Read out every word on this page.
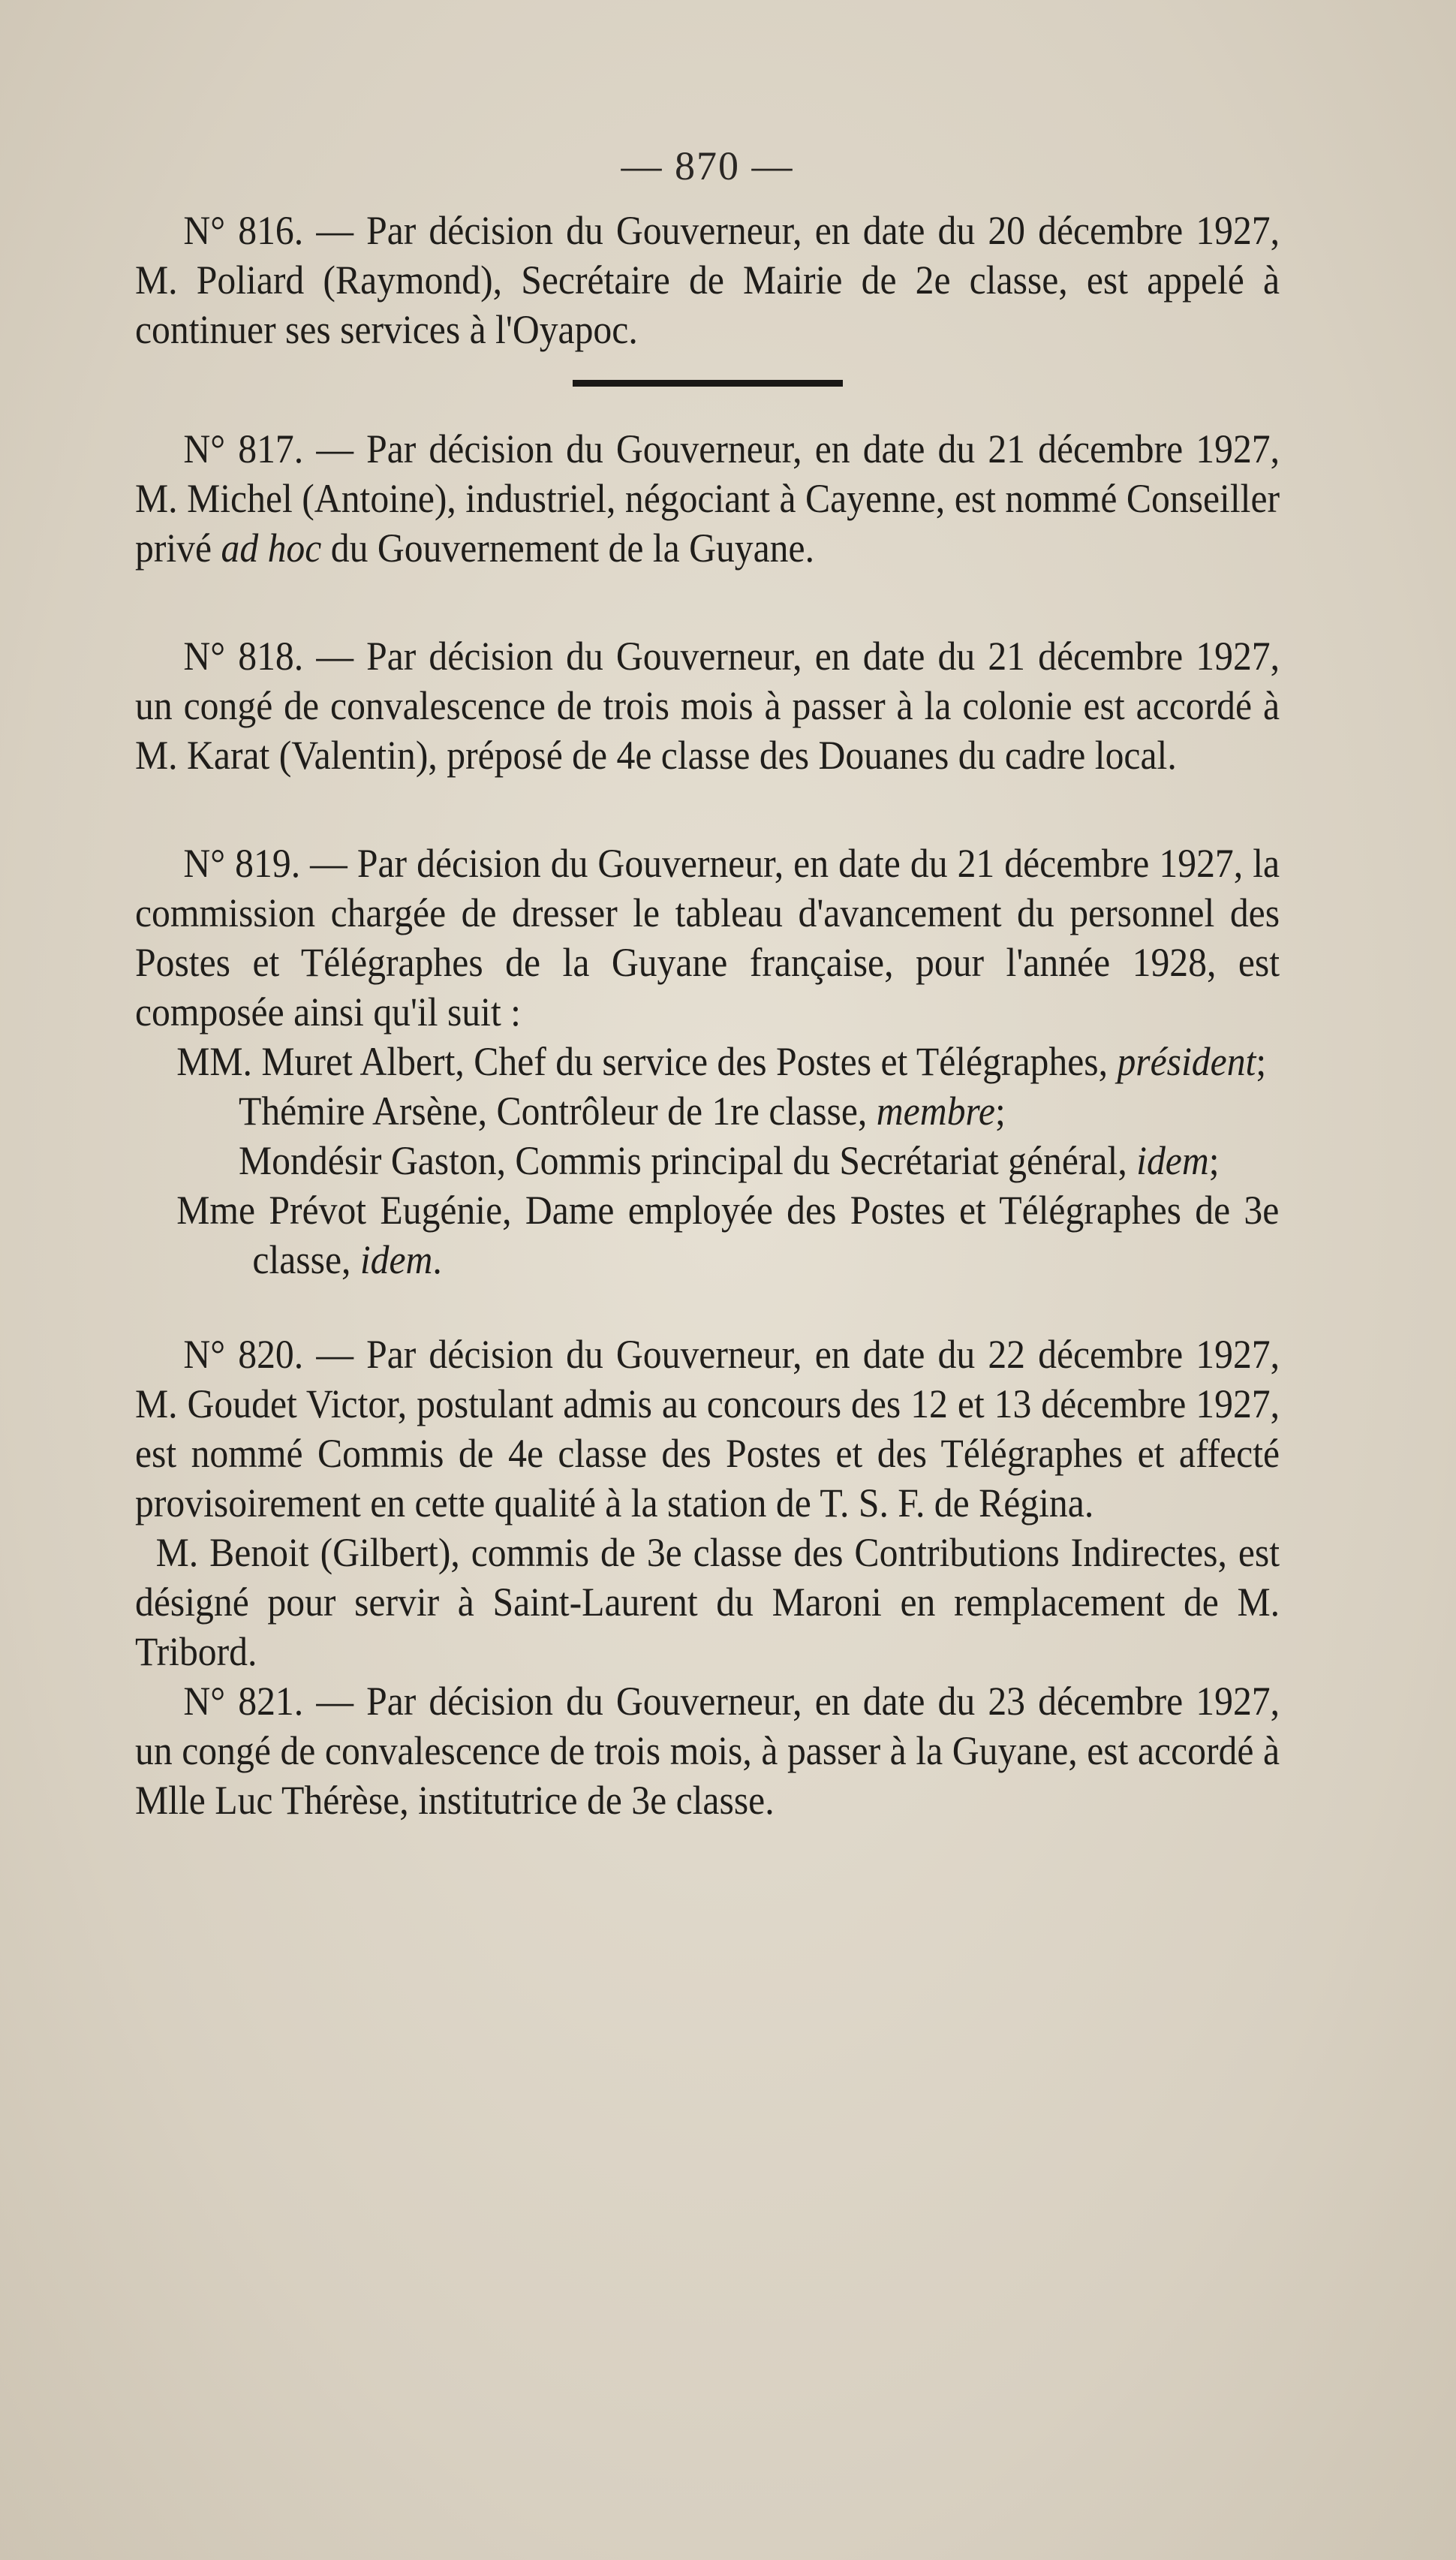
— 870 —

N° 816. — Par décision du Gouverneur, en date du 20 décembre 1927, M. Poliard (Raymond), Secrétaire de Mairie de 2e classe, est appelé à continuer ses services à l'Oyapoc.

N° 817. — Par décision du Gouverneur, en date du 21 décembre 1927, M. Michel (Antoine), industriel, négociant à Cayenne, est nommé Conseiller privé ad hoc du Gouvernement de la Guyane.

N° 818. — Par décision du Gouverneur, en date du 21 décembre 1927, un congé de convalescence de trois mois à passer à la colonie est accordé à M. Karat (Valentin), préposé de 4e classe des Douanes du cadre local.

N° 819. — Par décision du Gouverneur, en date du 21 décembre 1927, la commission chargée de dresser le tableau d'avancement du personnel des Postes et Télégraphes de la Guyane française, pour l'année 1928, est composée ainsi qu'il suit :

MM. Muret Albert, Chef du service des Postes et Télégraphes, président;

Thémire Arsène, Contrôleur de 1re classe, membre;

Mondésir Gaston, Commis principal du Secrétariat général, idem;

Mme Prévot Eugénie, Dame employée des Postes et Télégraphes de 3e classe, idem.

N° 820. — Par décision du Gouverneur, en date du 22 décembre 1927, M. Goudet Victor, postulant admis au concours des 12 et 13 décembre 1927, est nommé Commis de 4e classe des Postes et des Télégraphes et affecté provisoirement en cette qualité à la station de T. S. F. de Régina.

M. Benoit (Gilbert), commis de 3e classe des Contributions Indirectes, est désigné pour servir à Saint-Laurent du Maroni en remplacement de M. Tribord.

N° 821. — Par décision du Gouverneur, en date du 23 décembre 1927, un congé de convalescence de trois mois, à passer à la Guyane, est accordé à Mlle Luc Thérèse, institutrice de 3e classe.
